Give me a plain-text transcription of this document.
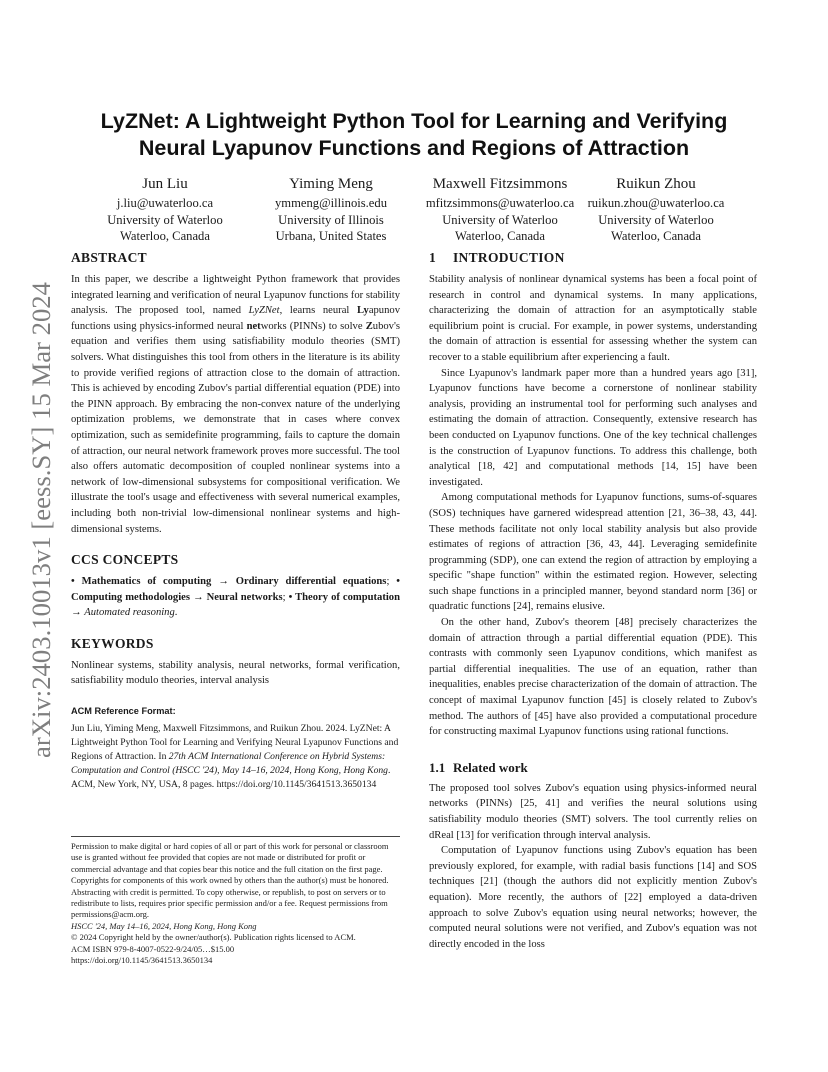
arXiv:2403.10013v1 [eess.SY] 15 Mar 2024
LyZNet: A Lightweight Python Tool for Learning and Verifying
Neural Lyapunov Functions and Regions of Attraction
Jun Liu
j.liu@uwaterloo.ca
University of Waterloo
Waterloo, Canada
Yiming Meng
ymmeng@illinois.edu
University of Illinois
Urbana, United States
Maxwell Fitzsimmons
mfitzsimmons@uwaterloo.ca
University of Waterloo
Waterloo, Canada
Ruikun Zhou
ruikun.zhou@uwaterloo.ca
University of Waterloo
Waterloo, Canada
ABSTRACT

In this paper, we describe a lightweight Python framework that provides integrated learning and verification of neural Lyapunov functions for stability analysis. The proposed tool, named LyZNet, learns neural Lyapunov functions using physics-informed neural networks (PINNs) to solve Zubov's equation and verifies them using satisfiability modulo theories (SMT) solvers. What distinguishes this tool from others in the literature is its ability to provide verified regions of attraction close to the domain of attraction. This is achieved by encoding Zubov's partial differential equation (PDE) into the PINN approach. By embracing the non-convex nature of the underlying optimization problems, we demonstrate that in cases where convex optimization, such as semidefinite programming, fails to capture the domain of attraction, our neural network framework proves more successful. The tool also offers automatic decomposition of coupled nonlinear systems into a network of low-dimensional subsystems for compositional verification. We illustrate the tool's usage and effectiveness with several numerical examples, including both non-trivial low-dimensional nonlinear systems and high-dimensional systems.

CCS CONCEPTS

• Mathematics of computing → Ordinary differential equations; • Computing methodologies → Neural networks; • Theory of computation → Automated reasoning.

KEYWORDS

Nonlinear systems, stability analysis, neural networks, formal verification, satisfiability modulo theories, interval analysis

ACM Reference Format:

Jun Liu, Yiming Meng, Maxwell Fitzsimmons, and Ruikun Zhou. 2024. LyZNet: A Lightweight Python Tool for Learning and Verifying Neural Lyapunov Functions and Regions of Attraction. In 27th ACM International Conference on Hybrid Systems: Computation and Control (HSCC '24), May 14–16, 2024, Hong Kong, Hong Kong. ACM, New York, NY, USA, 8 pages. https://doi.org/10.1145/3641513.3650134

Permission to make digital or hard copies of all or part of this work for personal or classroom use is granted without fee provided that copies are not made or distributed for profit or commercial advantage and that copies bear this notice and the full citation on the first page. Copyrights for components of this work owned by others than the author(s) must be honored. Abstracting with credit is permitted. To copy otherwise, or republish, to post on servers or to redistribute to lists, requires prior specific permission and/or a fee. Request permissions from permissions@acm.org.

HSCC '24, May 14–16, 2024, Hong Kong, Hong Kong

© 2024 Copyright held by the owner/author(s). Publication rights licensed to ACM.

ACM ISBN 979-8-4007-0522-9/24/05…$15.00

https://doi.org/10.1145/3641513.3650134

1 INTRODUCTION

Stability analysis of nonlinear dynamical systems has been a focal point of research in control and dynamical systems. In many applications, characterizing the domain of attraction for an asymptotically stable equilibrium point is crucial. For example, in power systems, understanding the domain of attraction is essential for assessing whether the system can recover to a stable equilibrium after experiencing a fault.

Since Lyapunov's landmark paper more than a hundred years ago [31], Lyapunov functions have become a cornerstone of nonlinear stability analysis, providing an instrumental tool for performing such analyses and estimating the domain of attraction. Consequently, extensive research has been conducted on Lyapunov functions. One of the key technical challenges is the construction of Lyapunov functions. To address this challenge, both analytical [18, 42] and computational methods [14, 15] have been investigated.

Among computational methods for Lyapunov functions, sums-of-squares (SOS) techniques have garnered widespread attention [21, 36–38, 43, 44]. These methods facilitate not only local stability analysis but also provide estimates of regions of attraction [36, 43, 44]. Leveraging semidefinite programming (SDP), one can extend the region of attraction by employing a specific "shape function" within the estimated region. However, selecting such shape functions in a principled manner, beyond standard norm [36] or quadratic functions [24], remains elusive.

On the other hand, Zubov's theorem [48] precisely characterizes the domain of attraction through a partial differential equation (PDE). This contrasts with commonly seen Lyapunov conditions, which manifest as partial differential inequalities. The use of an equation, rather than inequalities, enables precise characterization of the domain of attraction. The concept of maximal Lyapunov function [45] is closely related to Zubov's method. The authors of [45] have also provided a computational procedure for constructing maximal Lyapunov functions using rational functions.

1.1 Related work

The proposed tool solves Zubov's equation using physics-informed neural networks (PINNs) [25, 41] and verifies the neural solutions using satisfiability modulo theories (SMT) solvers. The tool currently relies on dReal [13] for verification through interval analysis.

Computation of Lyapunov functions using Zubov's equation has been previously explored, for example, with radial basis functions [14] and SOS techniques [21] (though the authors did not explicitly mention Zubov's equation). More recently, the authors of [22] employed a data-driven approach to solve Zubov's equation using neural networks; however, the computed neural solutions were not verified, and Zubov's equation was not directly encoded in the loss
